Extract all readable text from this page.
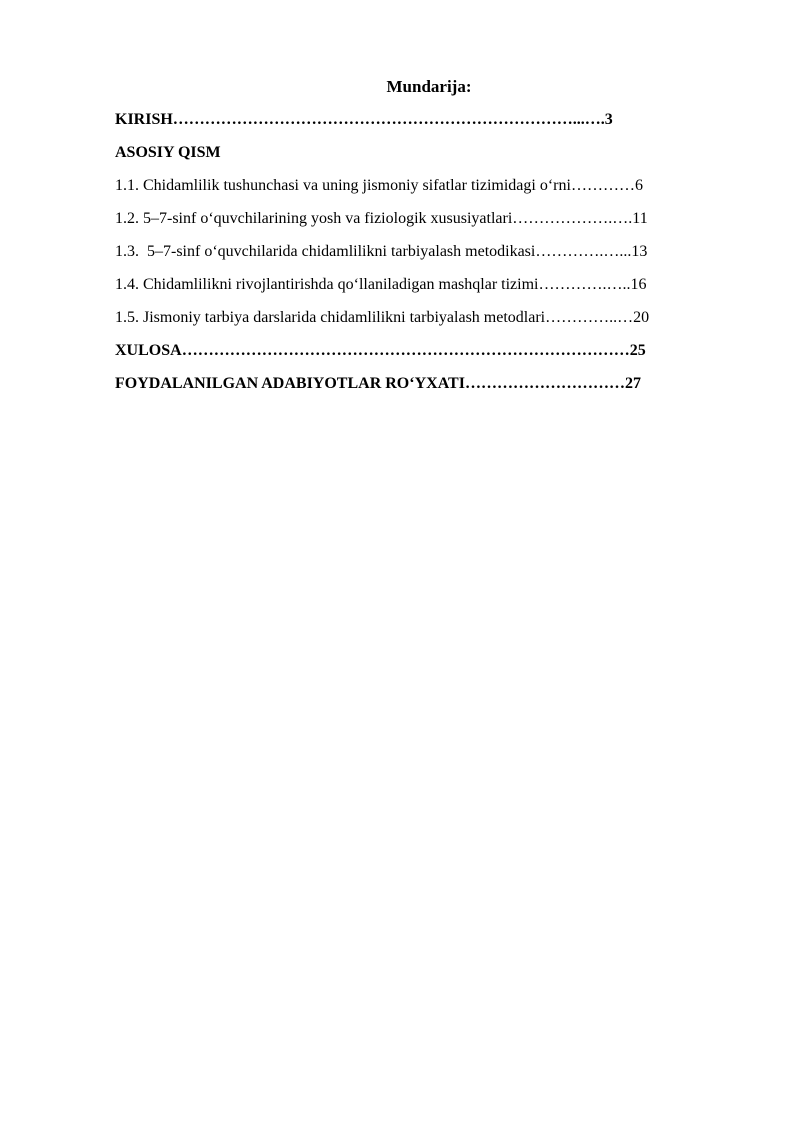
Mundarija:
KIRISH…………………………………………………………………...….3
ASOSIY QISM
1.1. Chidamlilik tushunchasi va uning jismoniy sifatlar tizimidagi o‘rni…………6
1.2. 5–7-sinf o‘quvchilarining yosh va fiziologik xususiyatlari……………….….11
1.3.  5–7-sinf o‘quvchilarida chidamlilikni tarbiyalash metodikasi………….…...13
1.4. Chidamlilikni rivojlantirishda qo‘llaniladigan mashqlar tizimi………….…..16
1.5. Jismoniy tarbiya darslarida chidamlilikni tarbiyalash metodlari…………..…20
XULOSA…………………………………………………………………………25
FOYDALANILGAN ADABIYOTLAR RO‘YXATI…………………………27
